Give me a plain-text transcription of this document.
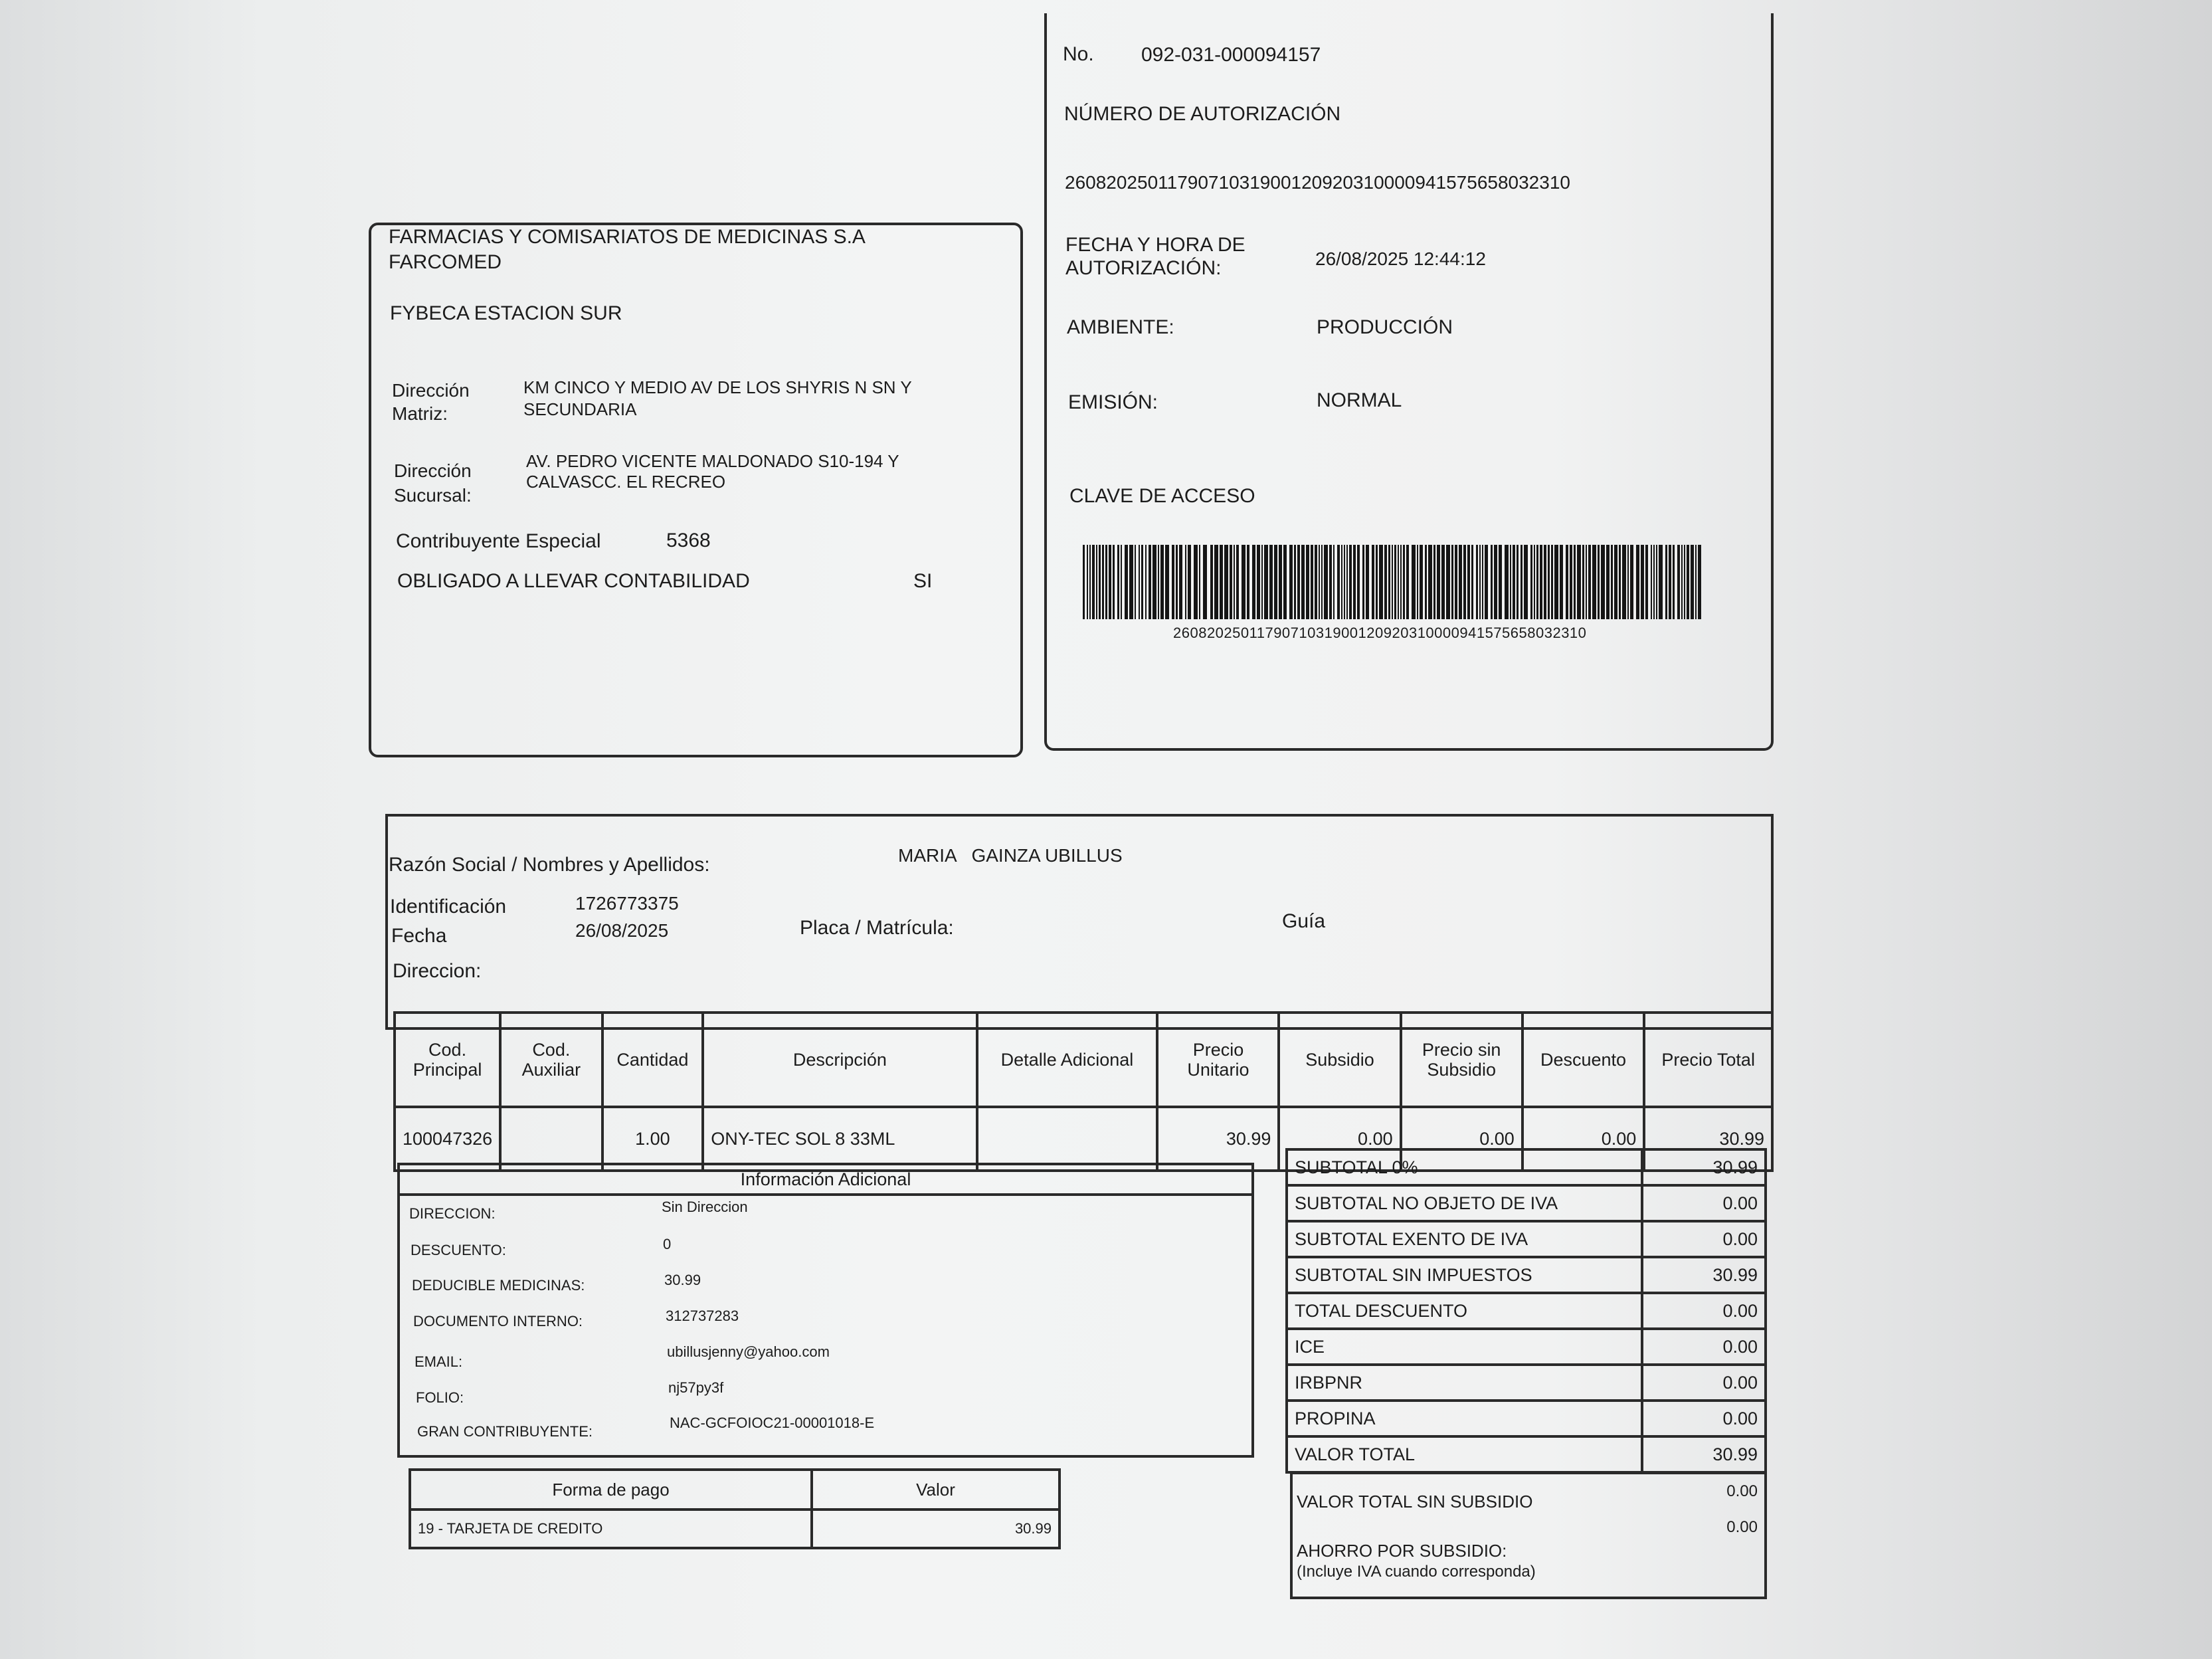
FARMACIAS Y COMISARIATOS DE MEDICINAS S.A
FARCOMED
FYBECA ESTACION SUR
Dirección
Matriz:
KM CINCO Y MEDIO AV DE LOS SHYRIS N SN Y
SECUNDARIA
Dirección
Sucursal:
AV. PEDRO VICENTE MALDONADO S10-194 Y
CALVASCC. EL RECREO
Contribuyente Especial	5368
OBLIGADO A LLEVAR CONTABILIDAD	SI
No. 092-031-000094157
NÚMERO DE AUTORIZACIÓN
2608202501179071031900120920310000941575658032310
FECHA Y HORA DE
AUTORIZACIÓN:	26/08/2025 12:44:12
AMBIENTE:	PRODUCCIÓN
EMISIÓN:	NORMAL
CLAVE DE ACCESO
2608202501179071031900120920310000941575658032310
Razón Social / Nombres y Apellidos:	MARIA   GAINZA UBILLUS
Identificación	1726773375
Fecha	26/08/2025	Placa / Matrícula:	Guía
Direccion:
Cod. Principal	Cod. Auxiliar	Cantidad	Descripción	Detalle Adicional	Precio Unitario	Subsidio	Precio sin Subsidio	Descuento	Precio Total
100047326		1.00	ONY-TEC SOL 8 33ML		30.99	0.00	0.00	0.00	30.99
Información Adicional
DIRECCION:	Sin Direccion
DESCUENTO:	0
DEDUCIBLE MEDICINAS:	30.99
DOCUMENTO INTERNO:	312737283
EMAIL:
ubillusjenny@yahoo.com
FOLIO:
nj57py3f
GRAN CONTRIBUYENTE:
NAC-GCFOIOC21-00001018-E
Forma de pago	Valor
19 - TARJETA DE CREDITO	30.99
SUBTOTAL 0%	30.99
SUBTOTAL NO OBJETO DE IVA	0.00
SUBTOTAL EXENTO DE IVA	0.00
SUBTOTAL SIN IMPUESTOS	30.99
TOTAL DESCUENTO	0.00
ICE	0.00
IRBPNR	0.00
PROPINA	0.00
VALOR TOTAL	30.99
VALOR TOTAL SIN SUBSIDIO
0.00
AHORRO POR SUBSIDIO:
(Incluye IVA cuando corresponda)
0.00
